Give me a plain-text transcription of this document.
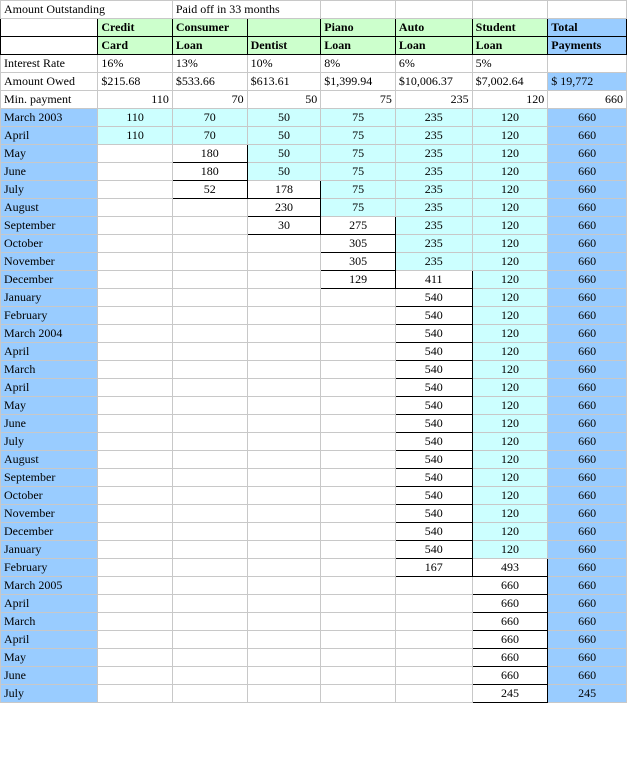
Amount Outstanding		Paid off in 33 months					
	Credit	Consumer		Piano	Auto	Student	Total
	Card	Loan	Dentist	Loan	Loan	Loan	Payments
Interest Rate	16%	13%	10%	8%	6%	5%	
Amount Owed	$215.68	$533.66	$613.61	$1,399.94	$10,006.37	$7,002.64	$ 19,772
Min. payment	110	70	50	75	235	120	660
March 2003	110	70	50	75	235	120	660
April	110	70	50	75	235	120	660
May		180	50	75	235	120	660
June		180	50	75	235	120	660
July		52	178	75	235	120	660
August			230	75	235	120	660
September			30	275	235	120	660
October				305	235	120	660
November				305	235	120	660
December				129	411	120	660
January					540	120	660
February					540	120	660
March 2004					540	120	660
April					540	120	660
March					540	120	660
April					540	120	660
May					540	120	660
June					540	120	660
July					540	120	660
August					540	120	660
September					540	120	660
October					540	120	660
November					540	120	660
December					540	120	660
January					540	120	660
February					167	493	660
March 2005						660	660
April						660	660
March						660	660
April						660	660
May						660	660
June						660	660
July						245	245
